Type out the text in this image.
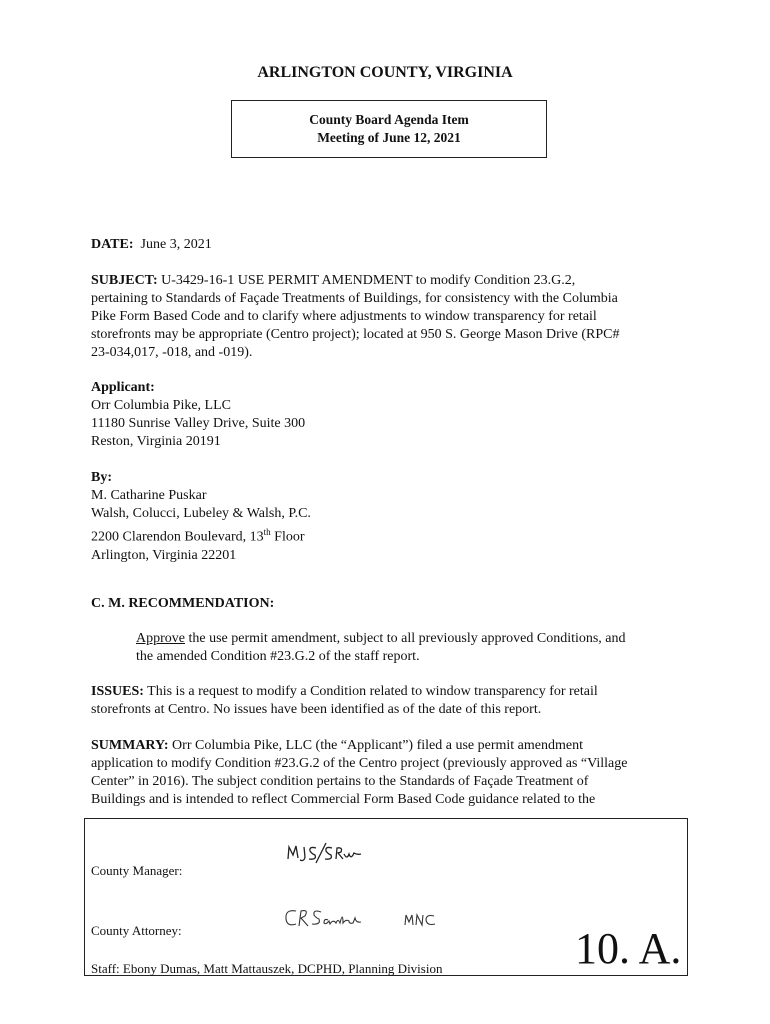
ARLINGTON COUNTY, VIRGINIA
County Board Agenda Item
Meeting of June 12, 2021
DATE: June 3, 2021
SUBJECT: U-3429-16-1 USE PERMIT AMENDMENT to modify Condition 23.G.2,
pertaining to Standards of Façade Treatments of Buildings, for consistency with the Columbia
Pike Form Based Code and to clarify where adjustments to window transparency for retail
storefronts may be appropriate (Centro project); located at 950 S. George Mason Drive (RPC#
23-034,017, -018, and -019).
Applicant:
Orr Columbia Pike, LLC
11180 Sunrise Valley Drive, Suite 300
Reston, Virginia 20191
By:
M. Catharine Puskar
Walsh, Colucci, Lubeley & Walsh, P.C.
2200 Clarendon Boulevard, 13th Floor
Arlington, Virginia 22201
C. M. RECOMMENDATION:
Approve the use permit amendment, subject to all previously approved Conditions, and
the amended Condition #23.G.2 of the staff report.
ISSUES: This is a request to modify a Condition related to window transparency for retail
storefronts at Centro. No issues have been identified as of the date of this report.
SUMMARY: Orr Columbia Pike, LLC (the “Applicant”) filed a use permit amendment
application to modify Condition #23.G.2 of the Centro project (previously approved as “Village
Center” in 2016). The subject condition pertains to the Standards of Façade Treatment of
Buildings and is intended to reflect Commercial Form Based Code guidance related to the
County Manager:
County Attorney:
Staff: Ebony Dumas, Matt Mattauszek, DCPHD, Planning Division	10. A.
